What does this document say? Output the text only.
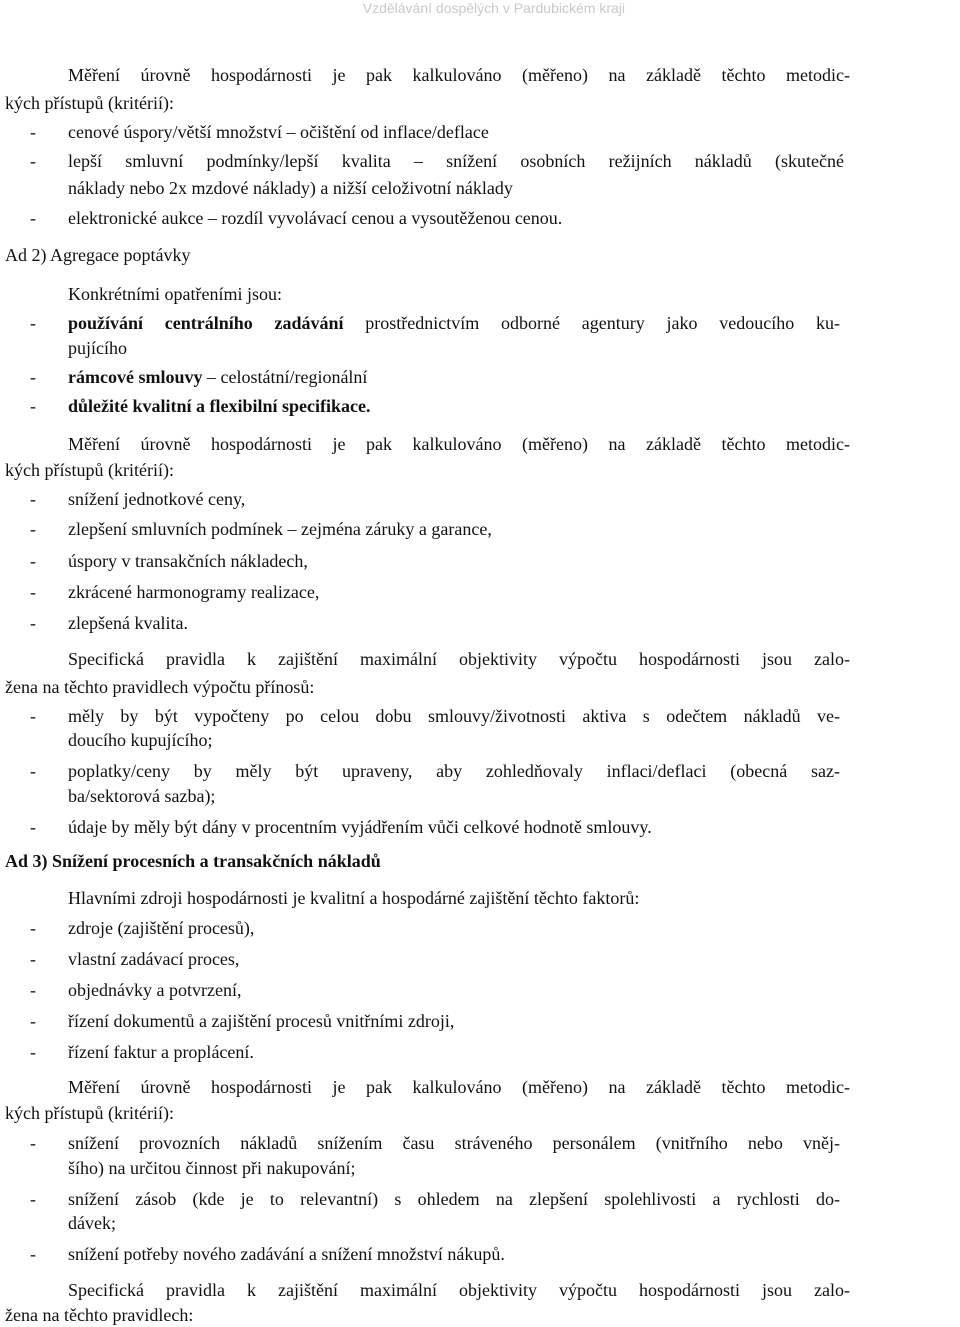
Vzdělávání dospělých v Pardubickém kraji
Měření úrovně hospodárnosti je pak kalkulováno (měřeno) na základě těchto metodic-
kých přístupů (kritérií):
- cenové úspory/větší množství – očištění od inflace/deflace
- lepší smluvní podmínky/lepší kvalita – snížení osobních režijních nákladů (skutečné
náklady nebo 2x mzdové náklady) a nižší celoživotní náklady
- elektronické aukce – rozdíl vyvolávací cenou a vysoutěženou cenou.
Ad 2) Agregace poptávky
Konkrétními opatřeními jsou:
- používání centrálního zadávání prostřednictvím odborné agentury jako vedoucího ku-
pujícího
- rámcové smlouvy – celostátní/regionální
- důležité kvalitní a flexibilní specifikace.
Měření úrovně hospodárnosti je pak kalkulováno (měřeno) na základě těchto metodic-
kých přístupů (kritérií):
- snížení jednotkové ceny,
- zlepšení smluvních podmínek – zejména záruky a garance,
- úspory v transakčních nákladech,
- zkrácené harmonogramy realizace,
- zlepšená kvalita.
Specifická pravidla k zajištění maximální objektivity výpočtu hospodárnosti jsou zalo-
žena na těchto pravidlech výpočtu přínosů:
- měly by být vypočteny po celou dobu smlouvy/životnosti aktiva s odečtem nákladů ve-
doucího kupujícího;
- poplatky/ceny by měly být upraveny, aby zohledňovaly inflaci/deflaci (obecná saz-
ba/sektorová sazba);
- údaje by měly být dány v procentním vyjádřením vůči celkové hodnotě smlouvy.
Ad 3) Snížení procesních a transakčních nákladů
Hlavními zdroji hospodárnosti je kvalitní a hospodárné zajištění těchto faktorů:
- zdroje (zajištění procesů),
- vlastní zadávací proces,
- objednávky a potvrzení,
- řízení dokumentů a zajištění procesů vnitřními zdroji,
- řízení faktur a proplácení.
Měření úrovně hospodárnosti je pak kalkulováno (měřeno) na základě těchto metodic-
kých přístupů (kritérií):
- snížení provozních nákladů snížením času stráveného personálem (vnitřního nebo vněj-
šího) na určitou činnost při nakupování;
- snížení zásob (kde je to relevantní) s ohledem na zlepšení spolehlivosti a rychlosti do-
dávek;
- snížení potřeby nového zadávání a snížení množství nákupů.
Specifická pravidla k zajištění maximální objektivity výpočtu hospodárnosti jsou zalo-
žena na těchto pravidlech:
